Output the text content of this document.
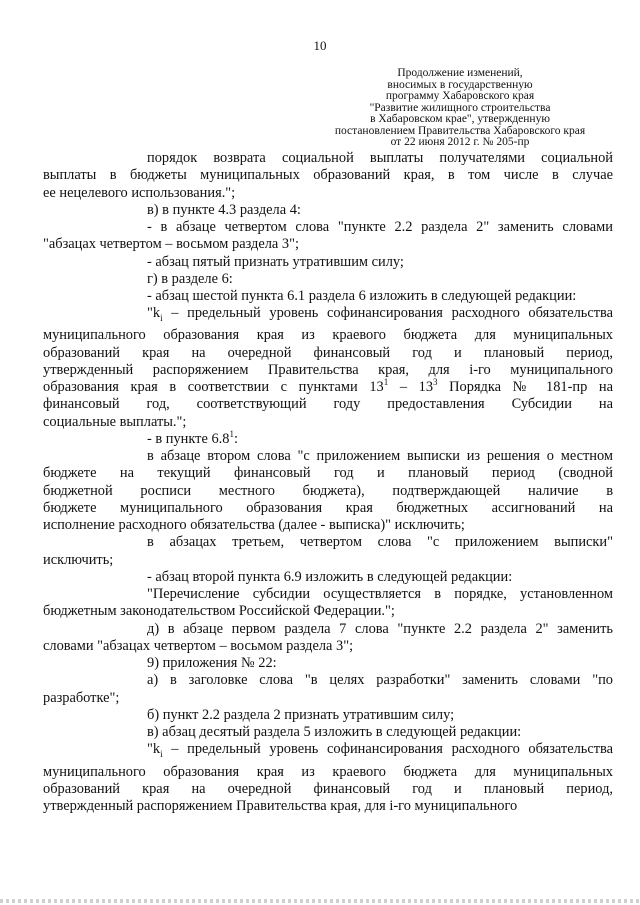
10
Продолжение изменений,
вносимых в государственную
программу Хабаровского края
"Развитие жилищного строительства
в Хабаровском крае", утвержденную
постановлением Правительства Хабаровского края
от 22 июня 2012 г. № 205-пр
порядок возврата социальной выплаты получателями социальной
выплаты в бюджеты муниципальных образований края, в том числе в случае
ее нецелевого использования.";
в) в пункте 4.3 раздела 4:
- в абзаце четвертом слова "пункте 2.2 раздела 2" заменить словами
"абзацах четвертом – восьмом раздела 3";
- абзац пятый признать утратившим силу;
г) в разделе 6:
- абзац шестой пункта 6.1 раздела 6 изложить в следующей редакции:
"$k_i$ – предельный уровень софинансирования расходного обязательства
муниципального образования края из краевого бюджета для муниципальных
образований края на очередной финансовый год и плановый период,
утвержденный распоряжением Правительства края, для i-го муниципального
образования края в соответствии с пунктами $13^1 - 13^3$ Порядка № 181-пр на
финансовый год, соответствующий году предоставления Субсидии на
социальные выплаты.";
- в пункте $6.8^1$:
в абзаце втором слова "с приложением выписки из решения о местном
бюджете на текущий финансовый год и плановый период (сводной
бюджетной росписи местного бюджета), подтверждающей наличие в
бюджете муниципального образования края бюджетных ассигнований на
исполнение расходного обязательства (далее - выписка)" исключить;
в абзацах третьем, четвертом слова "с приложением выписки"
исключить;
- абзац второй пункта 6.9 изложить в следующей редакции:
"Перечисление субсидии осуществляется в порядке, установленном
бюджетным законодательством Российской Федерации.";
д) в абзаце первом раздела 7 слова "пункте 2.2 раздела 2" заменить
словами "абзацах четвертом – восьмом раздела 3";
9) приложения № 22:
а) в заголовке слова "в целях разработки" заменить словами "по
разработке";
б) пункт 2.2 раздела 2 признать утратившим силу;
в) абзац десятый раздела 5 изложить в следующей редакции:
"$k_i$ – предельный уровень софинансирования расходного обязательства
муниципального образования края из краевого бюджета для муниципальных
образований края на очередной финансовый год и плановый период,
утвержденный распоряжением Правительства края, для i-го муниципального
